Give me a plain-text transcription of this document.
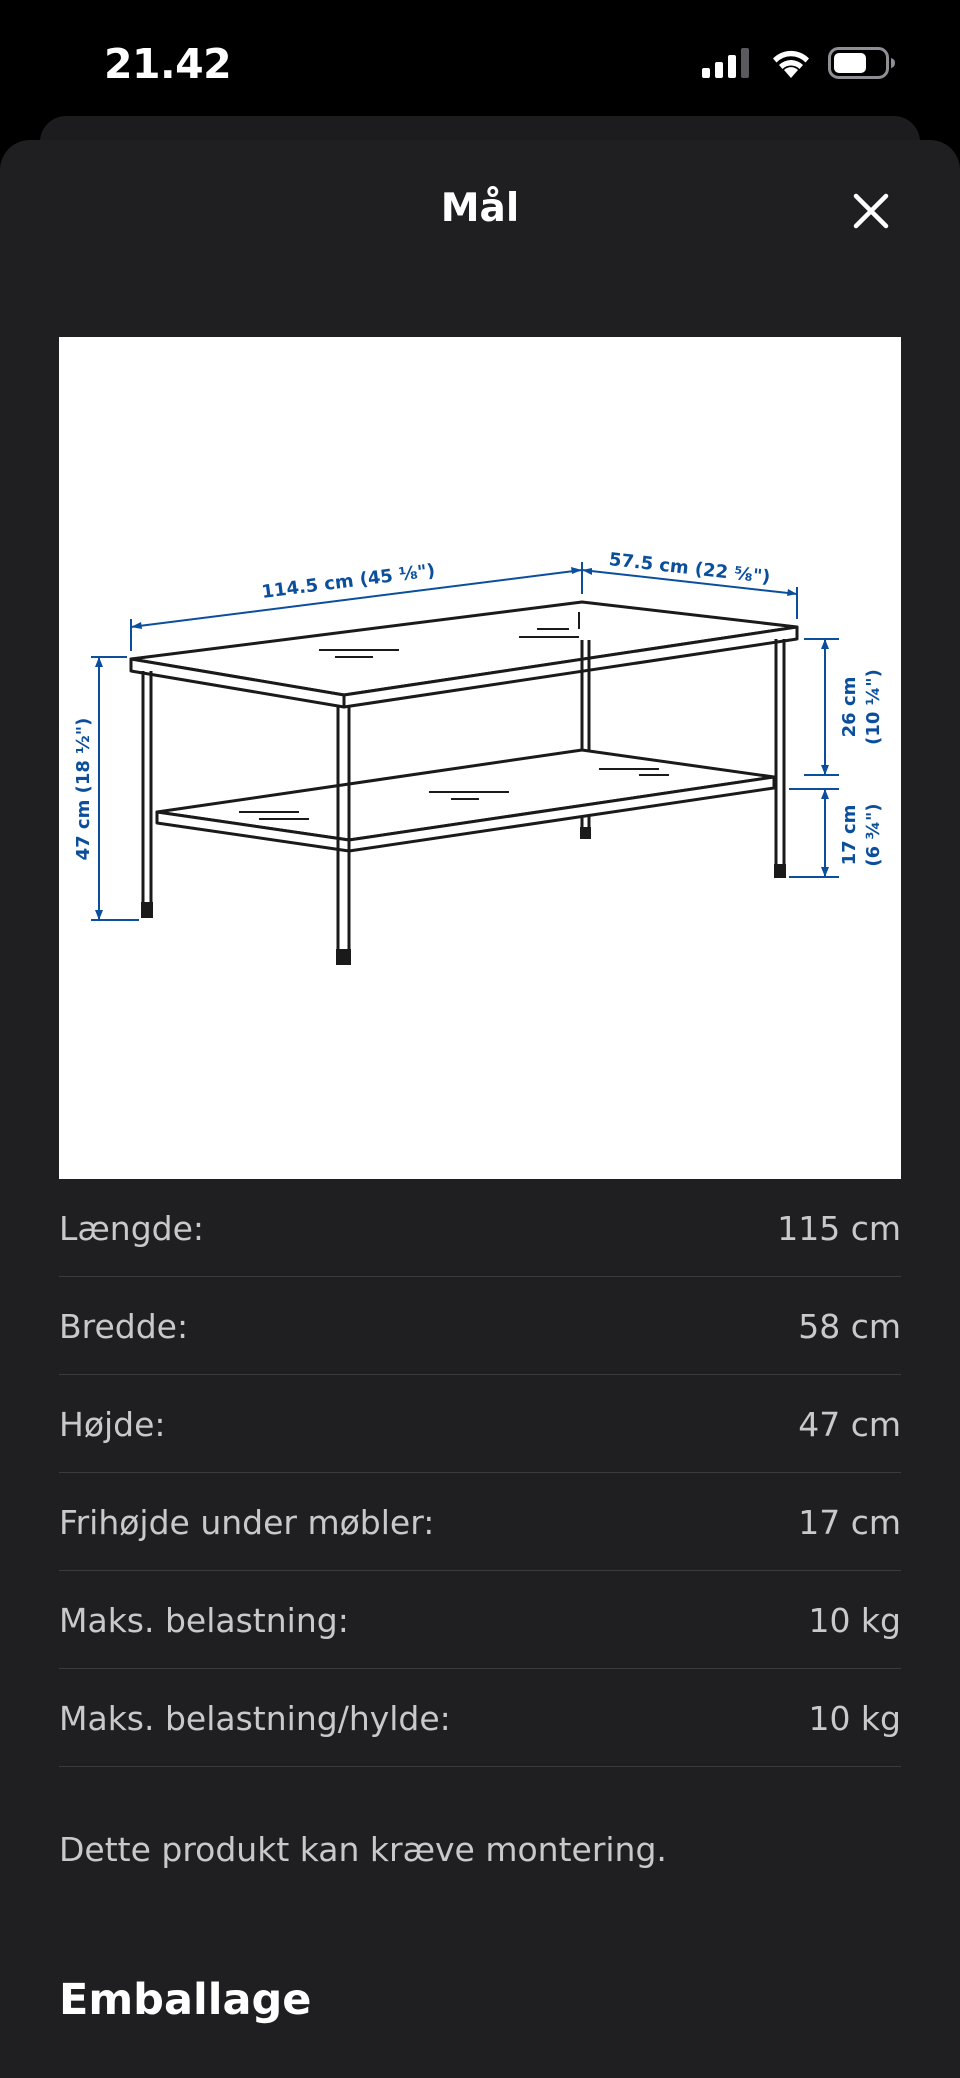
21.42
Mål
114.5 cm (45 ⅛")	57.5 cm (22 ⅝")
47 cm (18 ½")
26 cm (10 ¼")
17 cm (6 ¾")
Længde:	115 cm
Bredde:	58 cm
Højde:	47 cm
Frihøjde under møbler:	17 cm
Maks. belastning:	10 kg
Maks. belastning/hylde:	10 kg
Dette produkt kan kræve montering.
Emballage
